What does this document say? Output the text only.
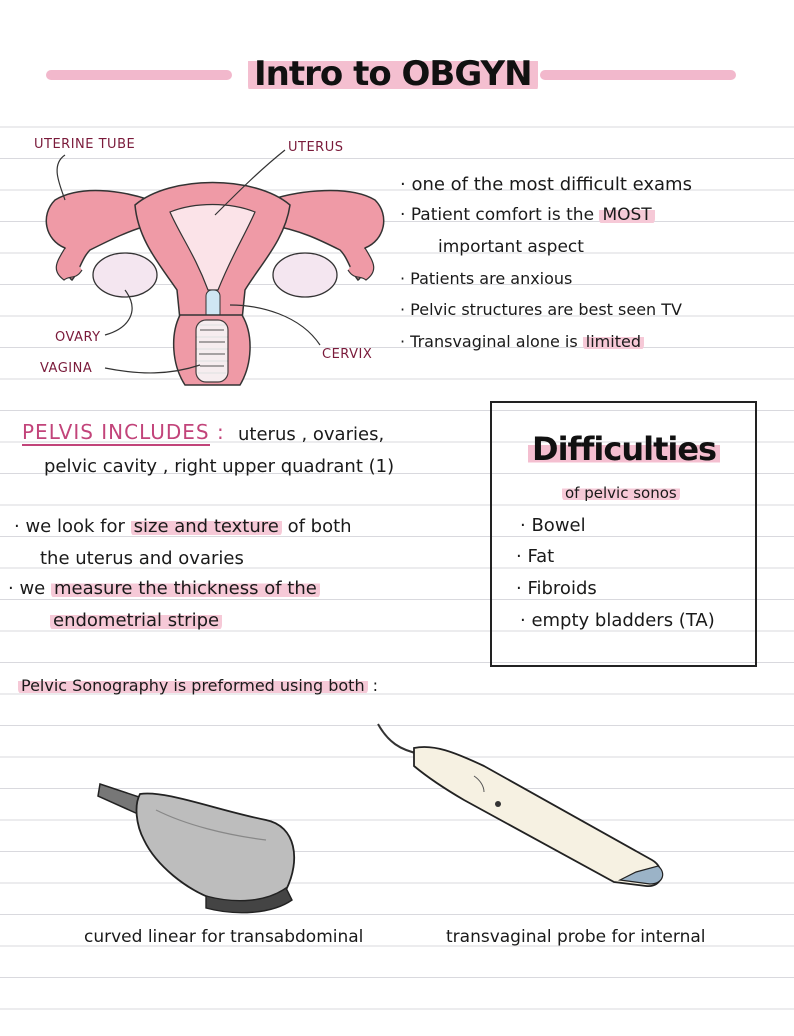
Intro to OBGYN
UTERINE TUBE	UTERUS
OVARY
VAGINA
CERVIX
· one of the most difficult exams
· Patient comfort is the MOST
important aspect
· Patients are anxious
· Pelvic structures are best seen TV
· Transvaginal alone is limited
PELVIS INCLUDES : uterus , ovaries,
pelvic cavity , right upper quadrant (1)
· we look for size and texture of both
the uterus and ovaries
· we measure the thickness of the
endometrial stripe
Difficulties
of pelvic sonos
· Bowel
· Fat
· Fibroids
· empty bladders (TA)
Pelvic Sonography is preformed using both :
curved linear for transabdominal	transvaginal probe for internal
